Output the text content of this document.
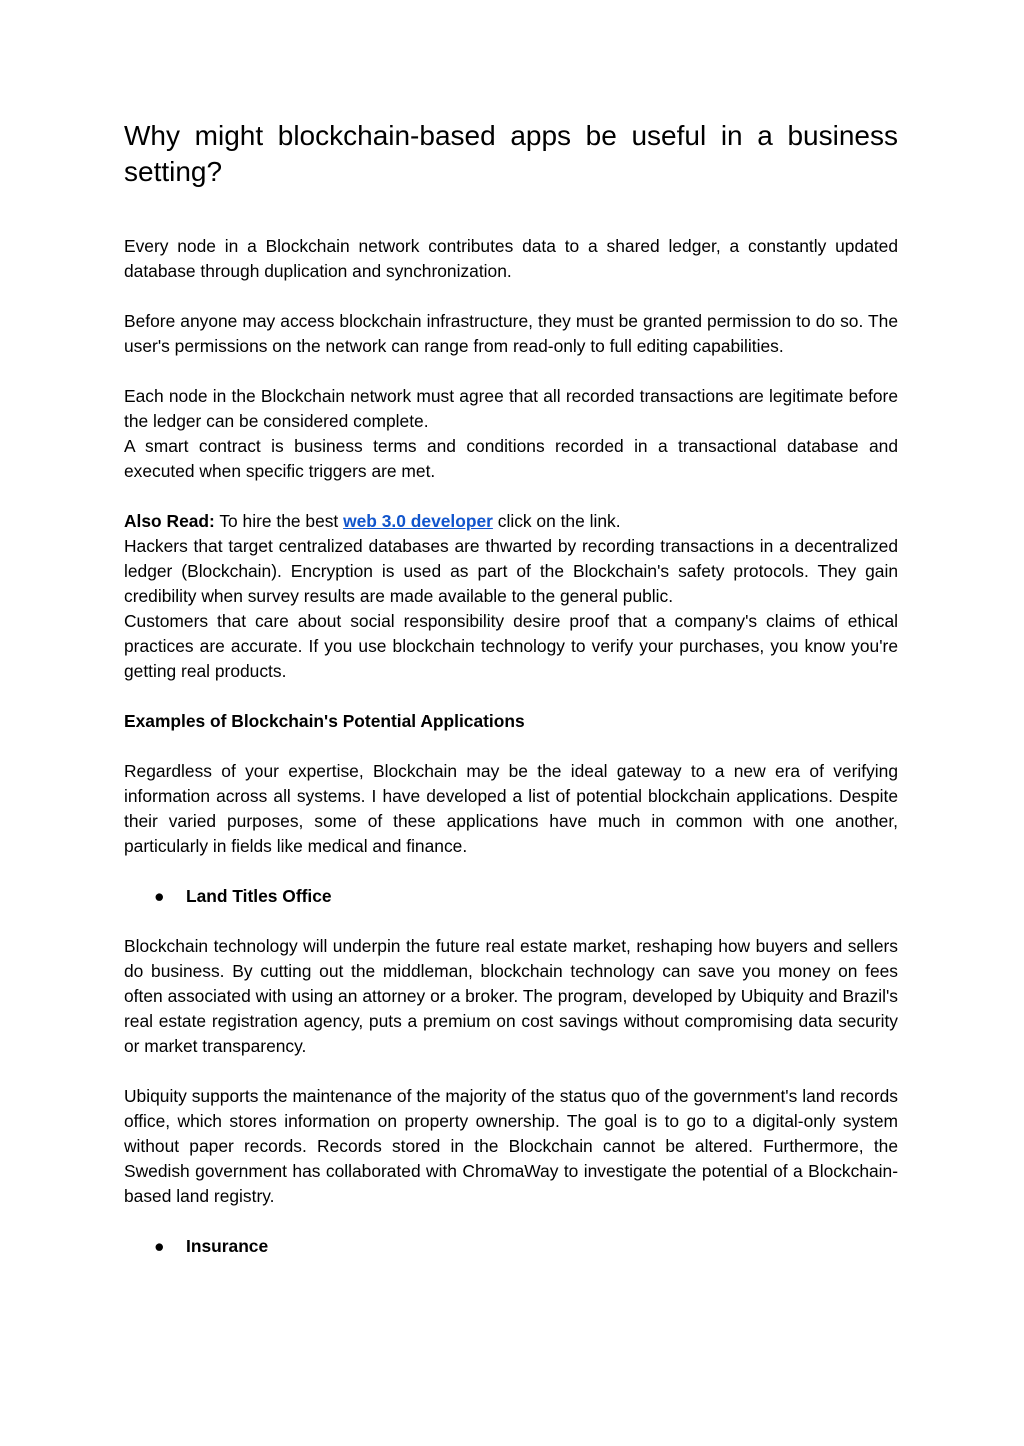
Why might blockchain-based apps be useful in a business setting?

Every node in a Blockchain network contributes data to a shared ledger, a constantly updated database through duplication and synchronization.

Before anyone may access blockchain infrastructure, they must be granted permission to do so. The user's permissions on the network can range from read-only to full editing capabilities.

Each node in the Blockchain network must agree that all recorded transactions are legitimate before the ledger can be considered complete.

A smart contract is business terms and conditions recorded in a transactional database and executed when specific triggers are met.

Also Read: To hire the best web 3.0 developer click on the link.

Hackers that target centralized databases are thwarted by recording transactions in a decentralized ledger (Blockchain). Encryption is used as part of the Blockchain's safety protocols. They gain credibility when survey results are made available to the general public.

Customers that care about social responsibility desire proof that a company's claims of ethical practices are accurate. If you use blockchain technology to verify your purchases, you know you're getting real products.

Examples of Blockchain's Potential Applications

Regardless of your expertise, Blockchain may be the ideal gateway to a new era of verifying information across all systems. I have developed a list of potential blockchain applications. Despite their varied purposes, some of these applications have much in common with one another, particularly in fields like medical and finance.

●	Land Titles Office

Blockchain technology will underpin the future real estate market, reshaping how buyers and sellers do business. By cutting out the middleman, blockchain technology can save you money on fees often associated with using an attorney or a broker. The program, developed by Ubiquity and Brazil's real estate registration agency, puts a premium on cost savings without compromising data security or market transparency.

Ubiquity supports the maintenance of the majority of the status quo of the government's land records office, which stores information on property ownership. The goal is to go to a digital-only system without paper records. Records stored in the Blockchain cannot be altered. Furthermore, the Swedish government has collaborated with ChromaWay to investigate the potential of a Blockchain-based land registry.

●	Insurance
